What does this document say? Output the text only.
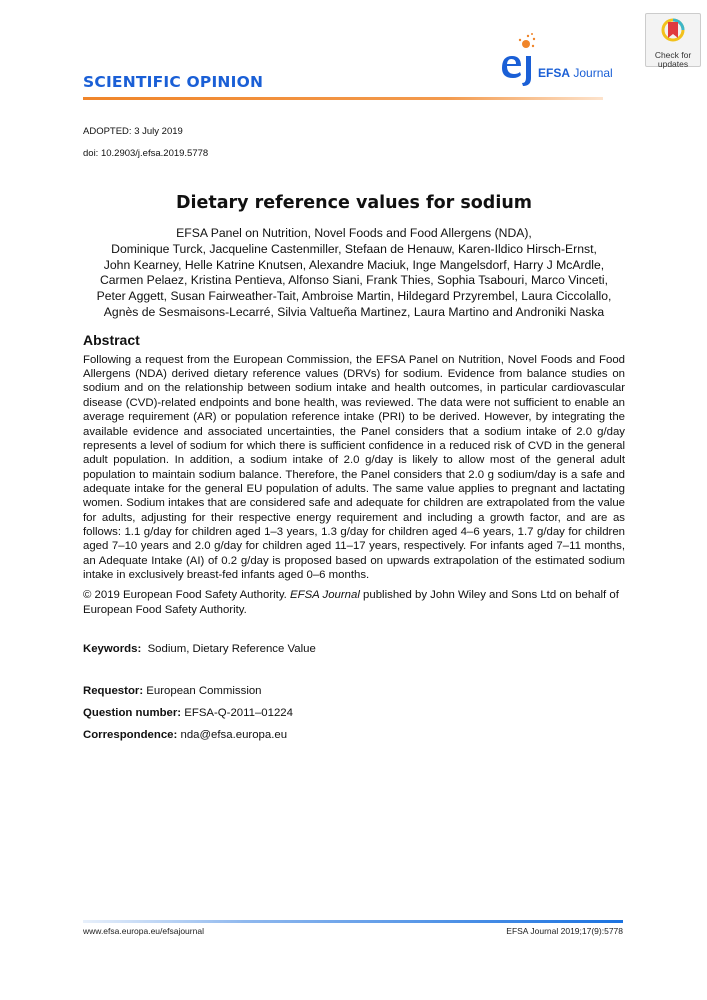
SCIENTIFIC OPINION	EFSA Journal
Check for updates
ADOPTED: 3 July 2019
doi: 10.2903/j.efsa.2019.5778
Dietary reference values for sodium
EFSA Panel on Nutrition, Novel Foods and Food Allergens (NDA),
Dominique Turck, Jacqueline Castenmiller, Stefaan de Henauw, Karen-Ildico Hirsch-Ernst,
John Kearney, Helle Katrine Knutsen, Alexandre Maciuk, Inge Mangelsdorf, Harry J McArdle,
Carmen Pelaez, Kristina Pentieva, Alfonso Siani, Frank Thies, Sophia Tsabouri, Marco Vinceti,
Peter Aggett, Susan Fairweather-Tait, Ambroise Martin, Hildegard Przyrembel, Laura Ciccolallo,
Agnès de Sesmaisons-Lecarré, Silvia Valtueña Martinez, Laura Martino and Androniki Naska
Abstract
Following a request from the European Commission, the EFSA Panel on Nutrition, Novel Foods and Food Allergens (NDA) derived dietary reference values (DRVs) for sodium. Evidence from balance studies on sodium and on the relationship between sodium intake and health outcomes, in particular cardiovascular disease (CVD)-related endpoints and bone health, was reviewed. The data were not sufficient to enable an average requirement (AR) or population reference intake (PRI) to be derived. However, by integrating the available evidence and associated uncertainties, the Panel considers that a sodium intake of 2.0 g/day represents a level of sodium for which there is sufficient confidence in a reduced risk of CVD in the general adult population. In addition, a sodium intake of 2.0 g/day is likely to allow most of the general adult population to maintain sodium balance. Therefore, the Panel considers that 2.0 g sodium/day is a safe and adequate intake for the general EU population of adults. The same value applies to pregnant and lactating women. Sodium intakes that are considered safe and adequate for children are extrapolated from the value for adults, adjusting for their respective energy requirement and including a growth factor, and are as follows: 1.1 g/day for children aged 1–3 years, 1.3 g/day for children aged 4–6 years, 1.7 g/day for children aged 7–10 years and 2.0 g/day for children aged 11–17 years, respectively. For infants aged 7–11 months, an Adequate Intake (AI) of 0.2 g/day is proposed based on upwards extrapolation of the estimated sodium intake in exclusively breast-fed infants aged 0–6 months.
© 2019 European Food Safety Authority. EFSA Journal published by John Wiley and Sons Ltd on behalf of European Food Safety Authority.
Keywords: Sodium, Dietary Reference Value
Requestor: European Commission
Question number: EFSA-Q-2011–01224
Correspondence: nda@efsa.europa.eu
www.efsa.europa.eu/efsajournal	EFSA Journal 2019;17(9):5778
